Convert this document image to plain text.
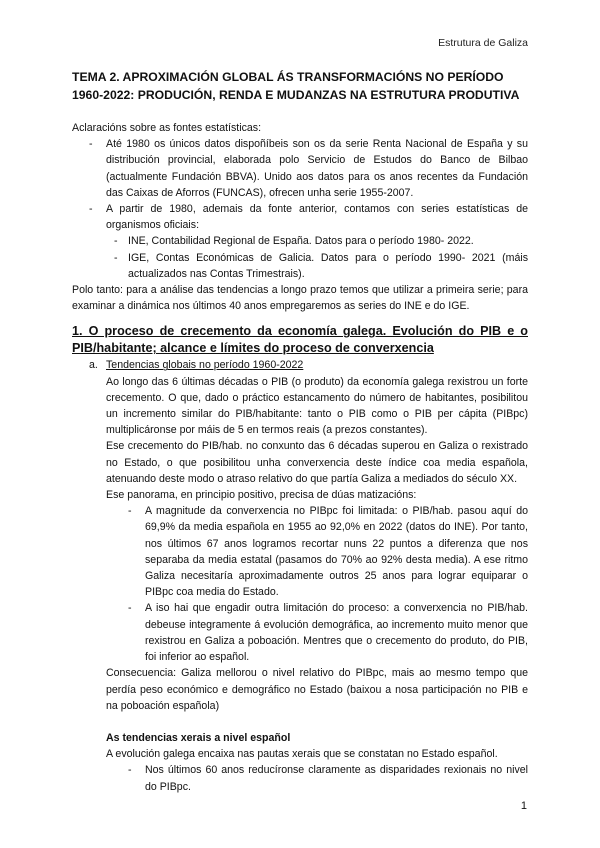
Estrutura de Galiza
TEMA 2. APROXIMACIÓN GLOBAL ÁS TRANSFORMACIÓNS NO PERÍODO 1960-2022: PRODUCIÓN, RENDA E MUDANZAS NA ESTRUTURA PRODUTIVA

Aclaracións sobre as fontes estatísticas:

- Até 1980 os únicos datos dispoñíbeis son os da serie Renta Nacional de España y su distribución provincial, elaborada polo Servicio de Estudos do Banco de Bilbao (actualmente Fundación BBVA). Unido aos datos para os anos recentes da Fundación das Caixas de Aforros (FUNCAS), ofrecen unha serie 1955-2007.
- A partir de 1980, ademais da fonte anterior, contamos con series estatísticas de organismos oficiais:
- INE, Contabilidad Regional de España. Datos para o período 1980- 2022.
- IGE, Contas Económicas de Galicia. Datos para o período 1990- 2021 (máis actualizados nas Contas Trimestrais).

Polo tanto: para a análise das tendencias a longo prazo temos que utilizar a primeira serie; para examinar a dinámica nos últimos 40 anos empregaremos as series do INE e do IGE.

1. O proceso de crecemento da economía galega. Evolución do PIB e o PIB/habitante; alcance e límites do proceso de converxencia

a. Tendencias globais no período 1960-2022

Ao longo das 6 últimas décadas o PIB (o produto) da economía galega rexistrou un forte crecemento. O que, dado o práctico estancamento do número de habitantes, posibilitou un incremento similar do PIB/habitante: tanto o PIB como o PIB per cápita (PIBpc) multiplicáronse por máis de 5 en termos reais (a prezos constantes).

Ese crecemento do PIB/hab. no conxunto das 6 décadas superou en Galiza o rexistrado no Estado, o que posibilitou unha converxencia deste índice coa media española, atenuando deste modo o atraso relativo do que partía Galiza a mediados do século XX.

Ese panorama, en principio positivo, precisa de dúas matizacións:

- A magnitude da converxencia no PIBpc foi limitada: o PIB/hab. pasou aquí do 69,9% da media española en 1955 ao 92,0% en 2022 (datos do INE). Por tanto, nos últimos 67 anos logramos recortar nuns 22 puntos a diferenza que nos separaba da media estatal (pasamos do 70% ao 92% desta media). A ese ritmo Galiza necesitaría aproximadamente outros 25 anos para lograr equiparar o PIBpc coa media do Estado.
- A iso hai que engadir outra limitación do proceso: a converxencia no PIB/hab. debeuse integramente á evolución demográfica, ao incremento muito menor que rexistrou en Galiza a poboación. Mentres que o crecemento do produto, do PIB, foi inferior ao español.

Consecuencia: Galiza mellorou o nivel relativo do PIBpc, mais ao mesmo tempo que perdía peso económico e demográfico no Estado (baixou a nosa participación no PIB e na poboación española)

As tendencias xerais a nivel español

A evolución galega encaixa nas pautas xerais que se constatan no Estado español.

- Nos últimos 60 anos reducíronse claramente as disparidades rexionais no nivel do PIBpc.
1
